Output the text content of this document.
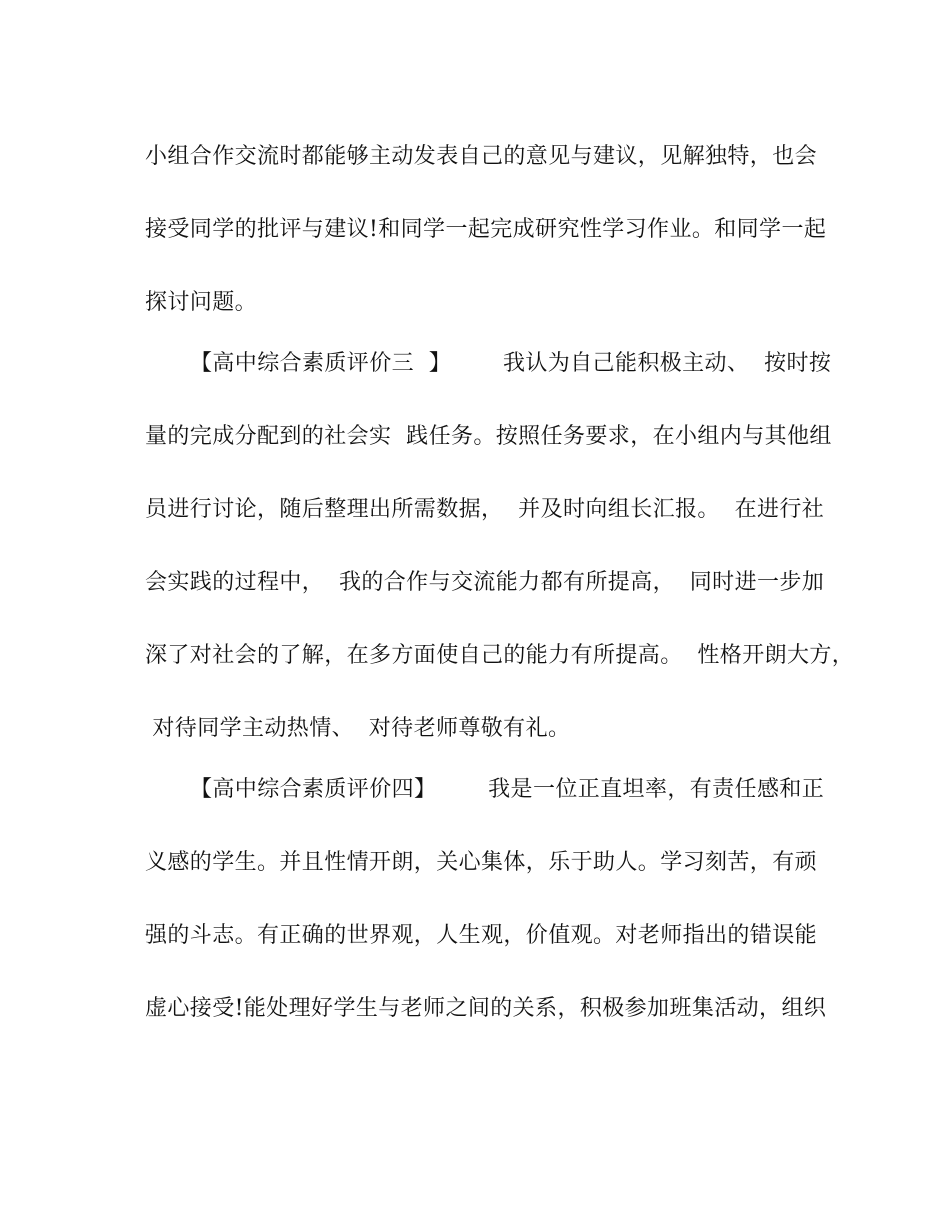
小组合作交流时都能够主动发表自己的意见与建议，见解独特，也会
接受同学的批评与建议!和同学一起完成研究性学习作业。和同学一起
探讨问题。
【高中综合素质评价三  】       我认为自己能积极主动、  按时按
量的完成分配到的社会实  践任务。按照任务要求，在小组内与其他组
员进行讨论，随后整理出所需数据，  并及时向组长汇报。  在进行社
会实践的过程中，  我的合作与交流能力都有所提高，  同时进一步加
深了对社会的了解，在多方面使自己的能力有所提高。  性格开朗大方，
对待同学主动热情、  对待老师尊敬有礼。
【高中综合素质评价四】       我是一位正直坦率，有责任感和正
义感的学生。并且性情开朗，关心集体，乐于助人。学习刻苦，有顽
强的斗志。有正确的世界观，人生观，价值观。对老师指出的错误能
虚心接受!能处理好学生与老师之间的关系，积极参加班集活动，组织
